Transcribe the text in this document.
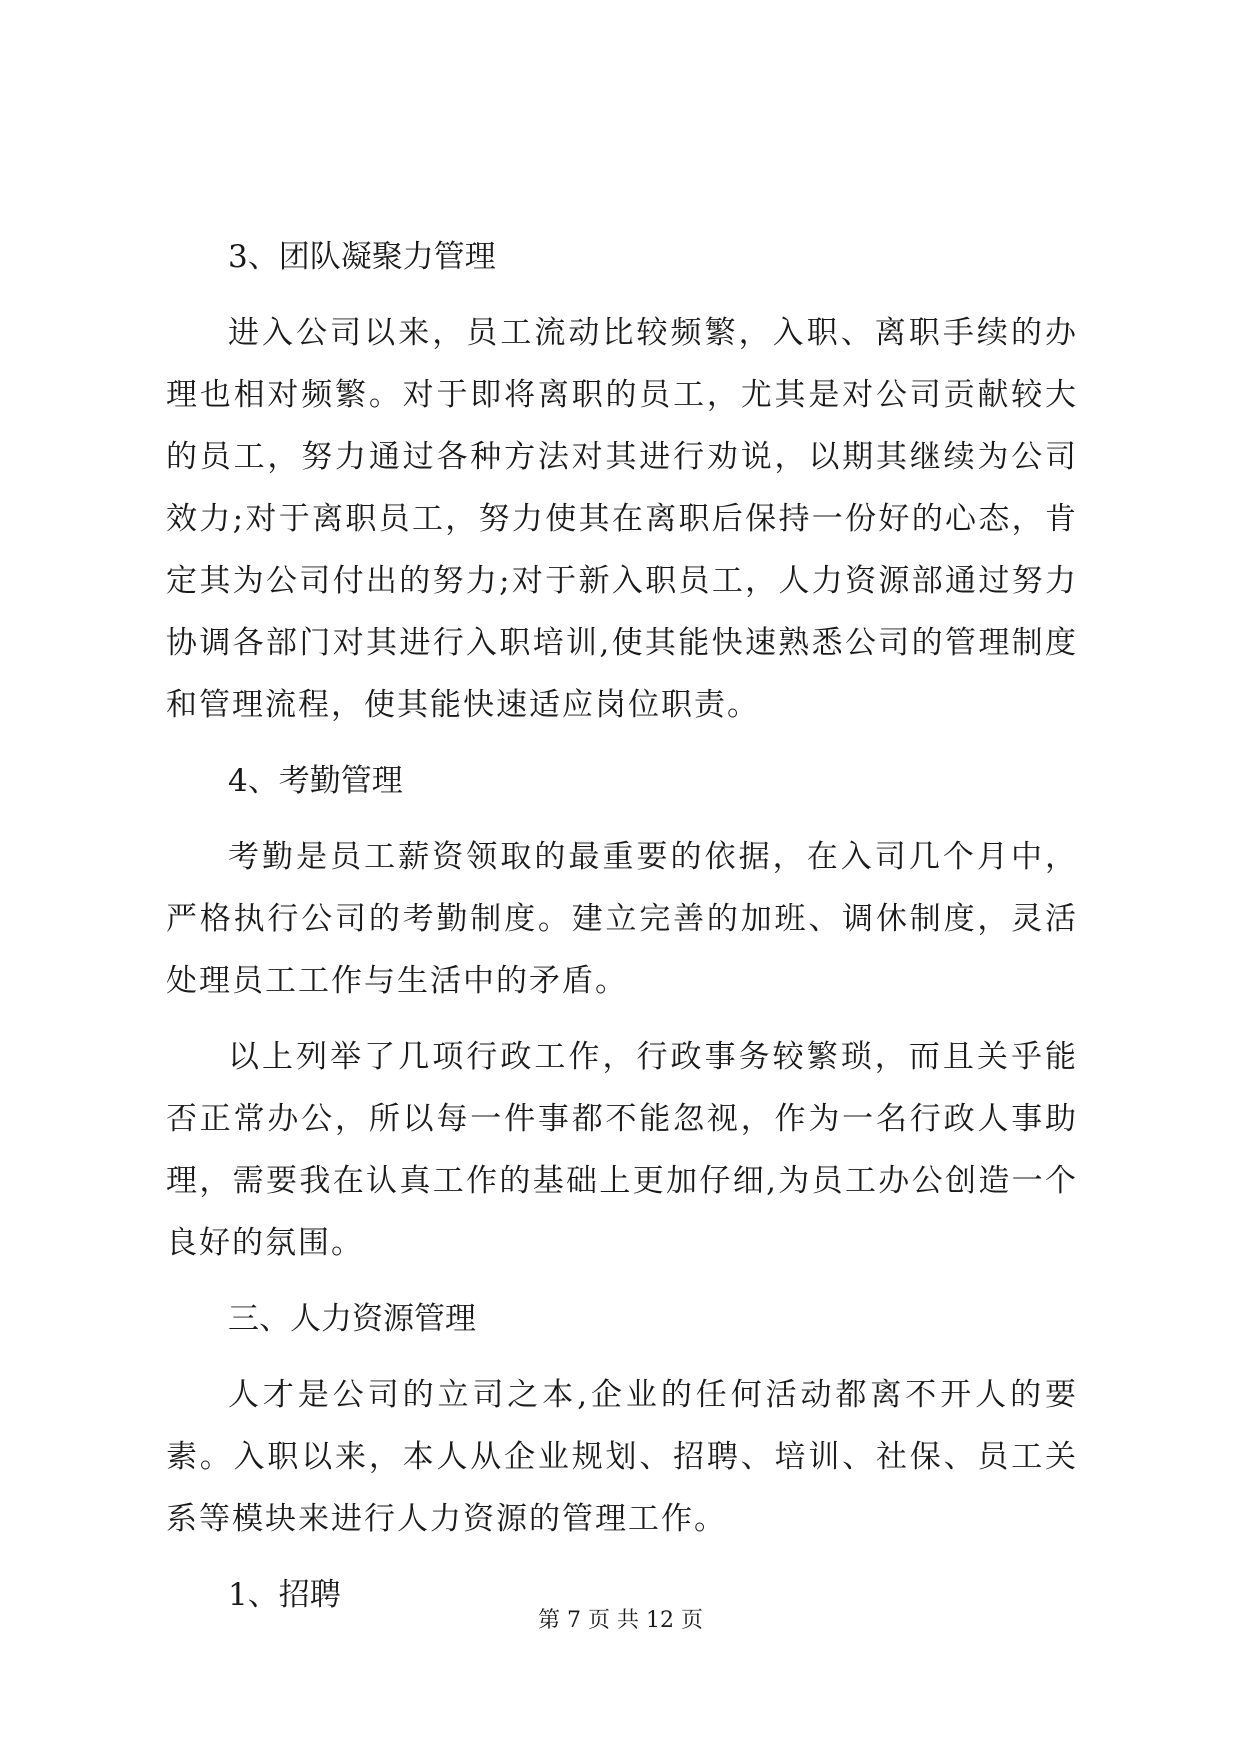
3、团队凝聚力管理

进入公司以来，员工流动比较频繁，入职、离职手续的办理也相对频繁。对于即将离职的员工，尤其是对公司贡献较大的员工，努力通过各种方法对其进行劝说，以期其继续为公司效力;对于离职员工，努力使其在离职后保持一份好的心态，肯定其为公司付出的努力;对于新入职员工，人力资源部通过努力协调各部门对其进行入职培训,使其能快速熟悉公司的管理制度和管理流程，使其能快速适应岗位职责。

4、考勤管理

考勤是员工薪资领取的最重要的依据，在入司几个月中，严格执行公司的考勤制度。建立完善的加班、调休制度，灵活处理员工工作与生活中的矛盾。

以上列举了几项行政工作，行政事务较繁琐，而且关乎能否正常办公，所以每一件事都不能忽视，作为一名行政人事助理，需要我在认真工作的基础上更加仔细,为员工办公创造一个良好的氛围。

三、人力资源管理

人才是公司的立司之本,企业的任何活动都离不开人的要素。入职以来，本人从企业规划、招聘、培训、社保、员工关系等模块来进行人力资源的管理工作。

1、招聘

第 7 页 共 12 页
